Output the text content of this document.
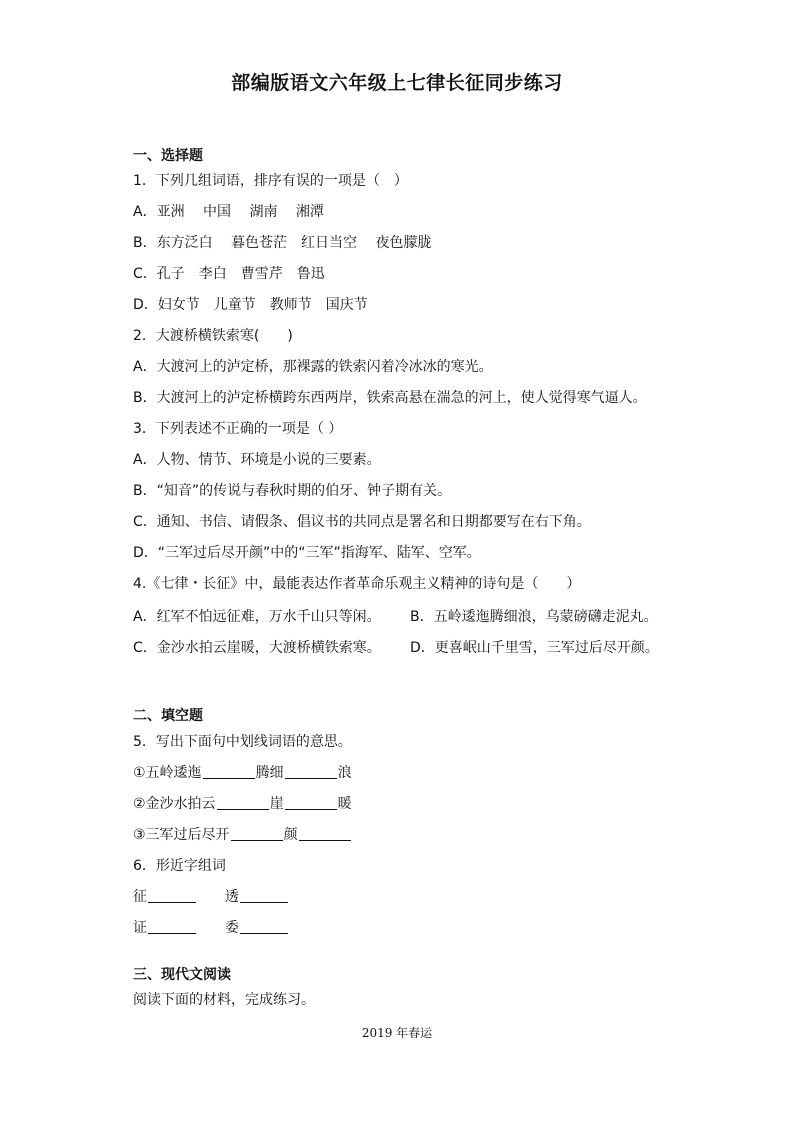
部编版语文六年级上七律长征同步练习
一、选择题
1．下列几组词语，排序有误的一项是（　）
A．亚洲　 中国　 湖南　 湘潭
B．东方泛白　 暮色苍茫　红日当空　 夜色朦胧
C．孔子　李白　曹雪芹　鲁迅
D．妇女节　儿童节　教师节　国庆节
2．大渡桥横铁索寒(　　)
A．大渡河上的泸定桥，那裸露的铁索闪着冷冰冰的寒光。
B．大渡河上的泸定桥横跨东西两岸，铁索高悬在湍急的河上，使人觉得寒气逼人。
3．下列表述不正确的一项是（ ）
A．人物、情节、环境是小说的三要素。
B．“知音”的传说与春秋时期的伯牙、钟子期有关。
C．通知、书信、请假条、倡议书的共同点是署名和日期都要写在右下角。
D．“三军过后尽开颜”中的“三军”指海军、陆军、空军。
4.《七律・长征》中，最能表达作者革命乐观主义精神的诗句是（　　）
A．红军不怕远征难，万水千山只等闲。 B．五岭逶迤腾细浪，乌蒙磅礴走泥丸。
C．金沙水拍云崖暖，大渡桥横铁索寒。 D．更喜岷山千里雪，三军过后尽开颜。
二、填空题
5．写出下面句中划线词语的意思。
①五岭逶迤	腾细	浪
②金沙水拍云	崖	暖
③三军过后尽开	颜
6．形近字组词
征	透
证	委
三、现代文阅读
阅读下面的材料，完成练习。
2019 年春运
